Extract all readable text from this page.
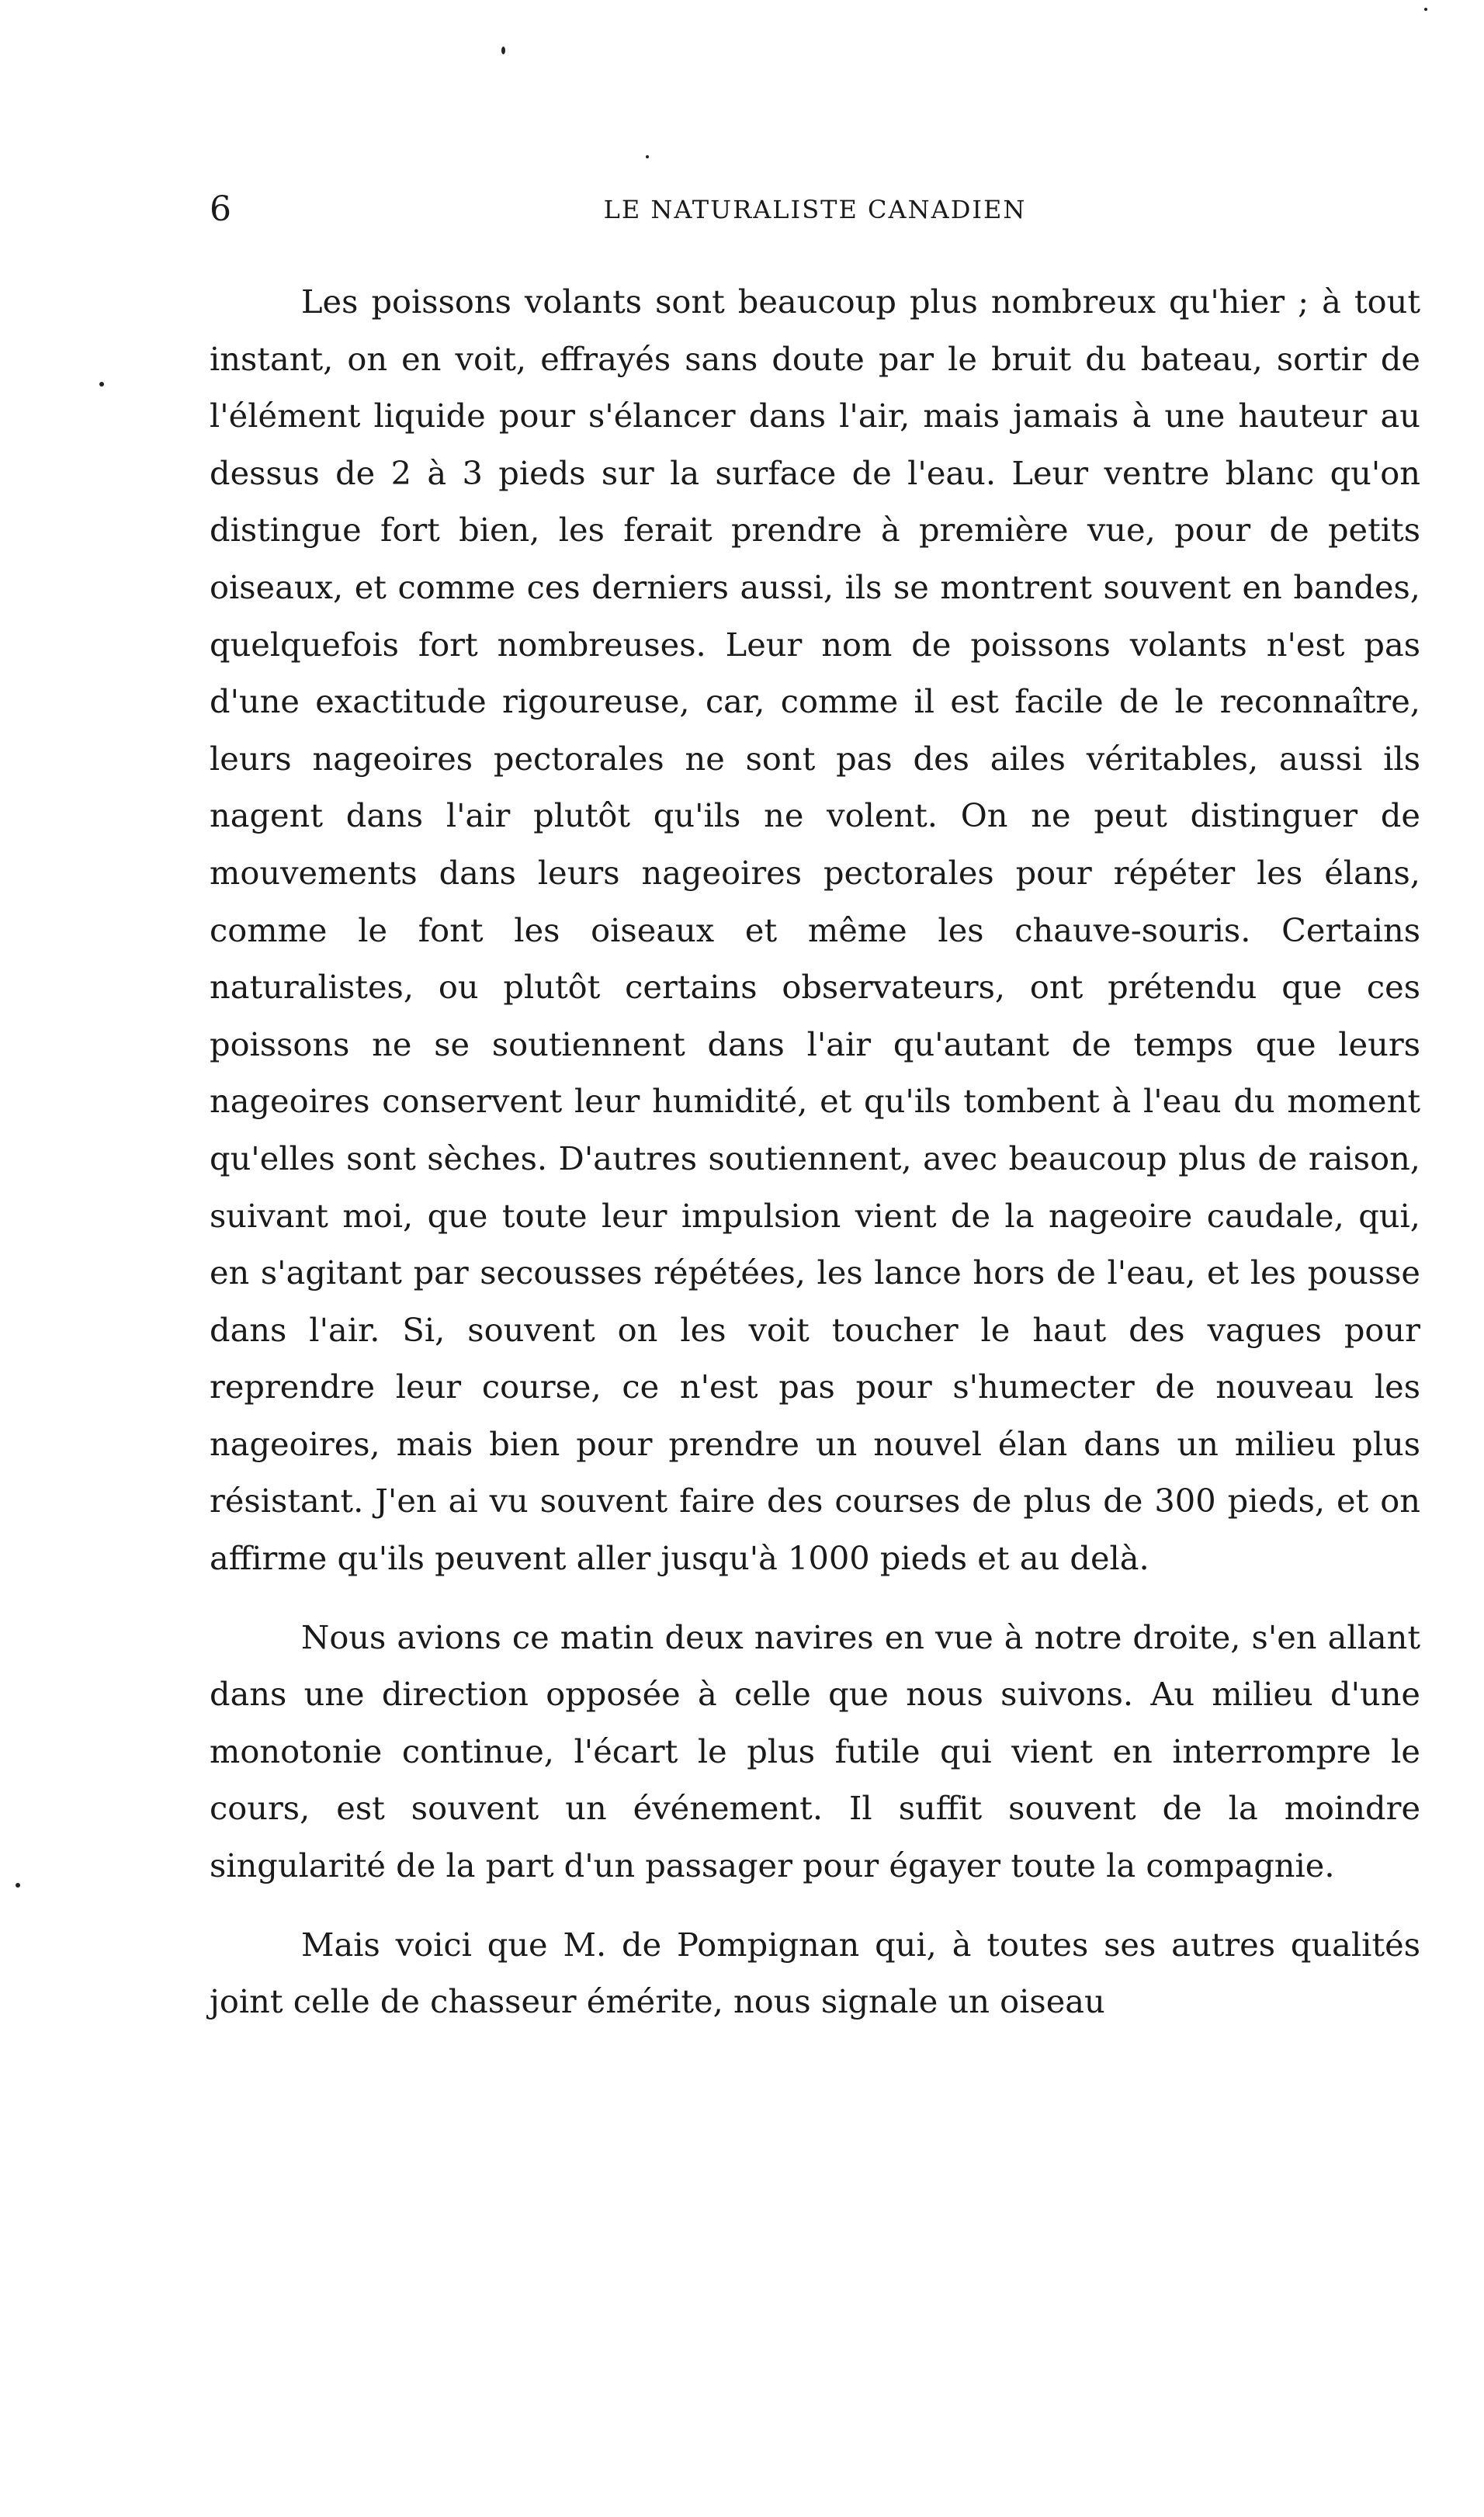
6	LE NATURALISTE CANADIEN

Les poissons volants sont beaucoup plus nombreux qu'hier ; à tout instant, on en voit, effrayés sans doute par le bruit du bateau, sortir de l'élément liquide pour s'élancer dans l'air, mais jamais à une hauteur au dessus de 2 à 3 pieds sur la surface de l'eau. Leur ventre blanc qu'on distingue fort bien, les ferait prendre à première vue, pour de petits oiseaux, et comme ces derniers aussi, ils se montrent souvent en bandes, quelquefois fort nombreuses. Leur nom de poissons volants n'est pas d'une exactitude rigoureuse, car, comme il est facile de le reconnaître, leurs nageoires pectorales ne sont pas des ailes véritables, aussi ils nagent dans l'air plutôt qu'ils ne volent. On ne peut distinguer de mouvements dans leurs nageoires pectorales pour répéter les élans, comme le font les oiseaux et même les chauve-souris. Certains naturalistes, ou plutôt certains observateurs, ont prétendu que ces poissons ne se soutiennent dans l'air qu'autant de temps que leurs nageoires conservent leur humidité, et qu'ils tombent à l'eau du moment qu'elles sont sèches. D'autres soutiennent, avec beaucoup plus de raison, suivant moi, que toute leur impulsion vient de la nageoire caudale, qui, en s'agitant par secousses répétées, les lance hors de l'eau, et les pousse dans l'air. Si, souvent on les voit toucher le haut des vagues pour reprendre leur course, ce n'est pas pour s'humecter de nouveau les nageoires, mais bien pour prendre un nouvel élan dans un milieu plus résistant. J'en ai vu souvent faire des courses de plus de 300 pieds, et on affirme qu'ils peuvent aller jusqu'à 1000 pieds et au delà.

Nous avions ce matin deux navires en vue à notre droite, s'en allant dans une direction opposée à celle que nous suivons. Au milieu d'une monotonie continue, l'écart le plus futile qui vient en interrompre le cours, est souvent un événement. Il suffit souvent de la moindre singularité de la part d'un passager pour égayer toute la compagnie.

Mais voici que M. de Pompignan qui, à toutes ses autres qualités joint celle de chasseur émérite, nous signale un oiseau
